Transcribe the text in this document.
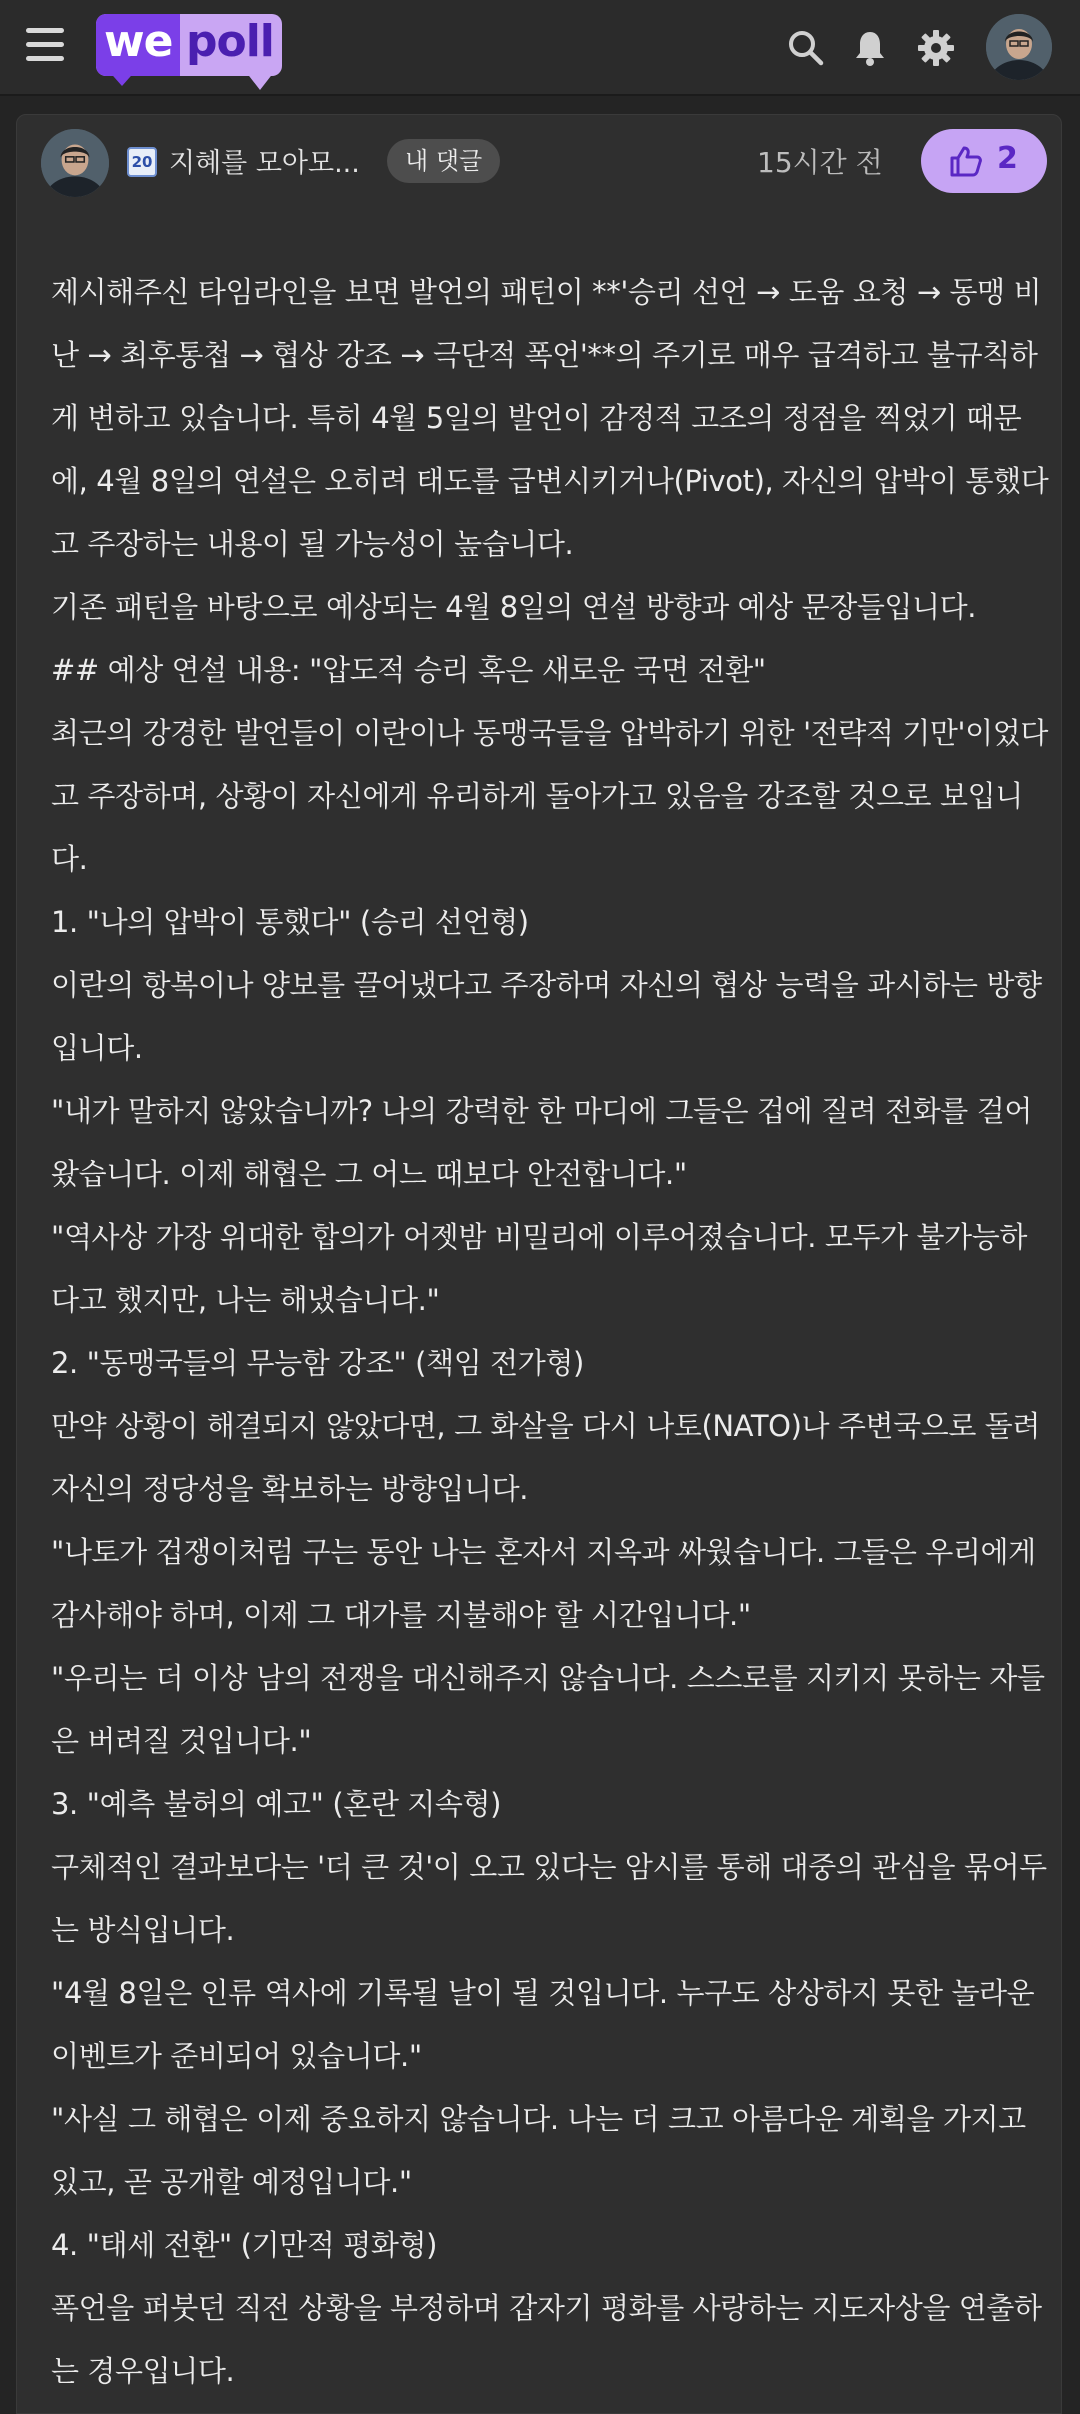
we poll
20 지혜를 모아모...	내 댓글	15시간 전	2

제시해주신 타임라인을 보면 발언의 패턴이 **'승리 선언 → 도움 요청 → 동맹 비난 → 최후통첩 → 협상 강조 → 극단적 폭언'**의 주기로 매우 급격하고 불규칙하게 변하고 있습니다. 특히 4월 5일의 발언이 감정적 고조의 정점을 찍었기 때문에, 4월 8일의 연설은 오히려 태도를 급변시키거나(Pivot), 자신의 압박이 통했다고 주장하는 내용이 될 가능성이 높습니다.

기존 패턴을 바탕으로 예상되는 4월 8일의 연설 방향과 예상 문장들입니다.

## 예상 연설 내용: "압도적 승리 혹은 새로운 국면 전환"

최근의 강경한 발언들이 이란이나 동맹국들을 압박하기 위한 '전략적 기만'이었다고 주장하며, 상황이 자신에게 유리하게 돌아가고 있음을 강조할 것으로 보입니다.

1. "나의 압박이 통했다" (승리 선언형)

이란의 항복이나 양보를 끌어냈다고 주장하며 자신의 협상 능력을 과시하는 방향입니다.

"내가 말하지 않았습니까? 나의 강력한 한 마디에 그들은 겁에 질려 전화를 걸어왔습니다. 이제 해협은 그 어느 때보다 안전합니다."

"역사상 가장 위대한 합의가 어젯밤 비밀리에 이루어졌습니다. 모두가 불가능하다고 했지만, 나는 해냈습니다."

2. "동맹국들의 무능함 강조" (책임 전가형)

만약 상황이 해결되지 않았다면, 그 화살을 다시 나토(NATO)나 주변국으로 돌려 자신의 정당성을 확보하는 방향입니다.

"나토가 겁쟁이처럼 구는 동안 나는 혼자서 지옥과 싸웠습니다. 그들은 우리에게 감사해야 하며, 이제 그 대가를 지불해야 할 시간입니다."

"우리는 더 이상 남의 전쟁을 대신해주지 않습니다. 스스로를 지키지 못하는 자들은 버려질 것입니다."

3. "예측 불허의 예고" (혼란 지속형)

구체적인 결과보다는 '더 큰 것'이 오고 있다는 암시를 통해 대중의 관심을 묶어두는 방식입니다.

"4월 8일은 인류 역사에 기록될 날이 될 것입니다. 누구도 상상하지 못한 놀라운 이벤트가 준비되어 있습니다."

"사실 그 해협은 이제 중요하지 않습니다. 나는 더 크고 아름다운 계획을 가지고 있고, 곧 공개할 예정입니다."

4. "태세 전환" (기만적 평화형)

폭언을 퍼붓던 직전 상황을 부정하며 갑자기 평화를 사랑하는 지도자상을 연출하는 경우입니다.
